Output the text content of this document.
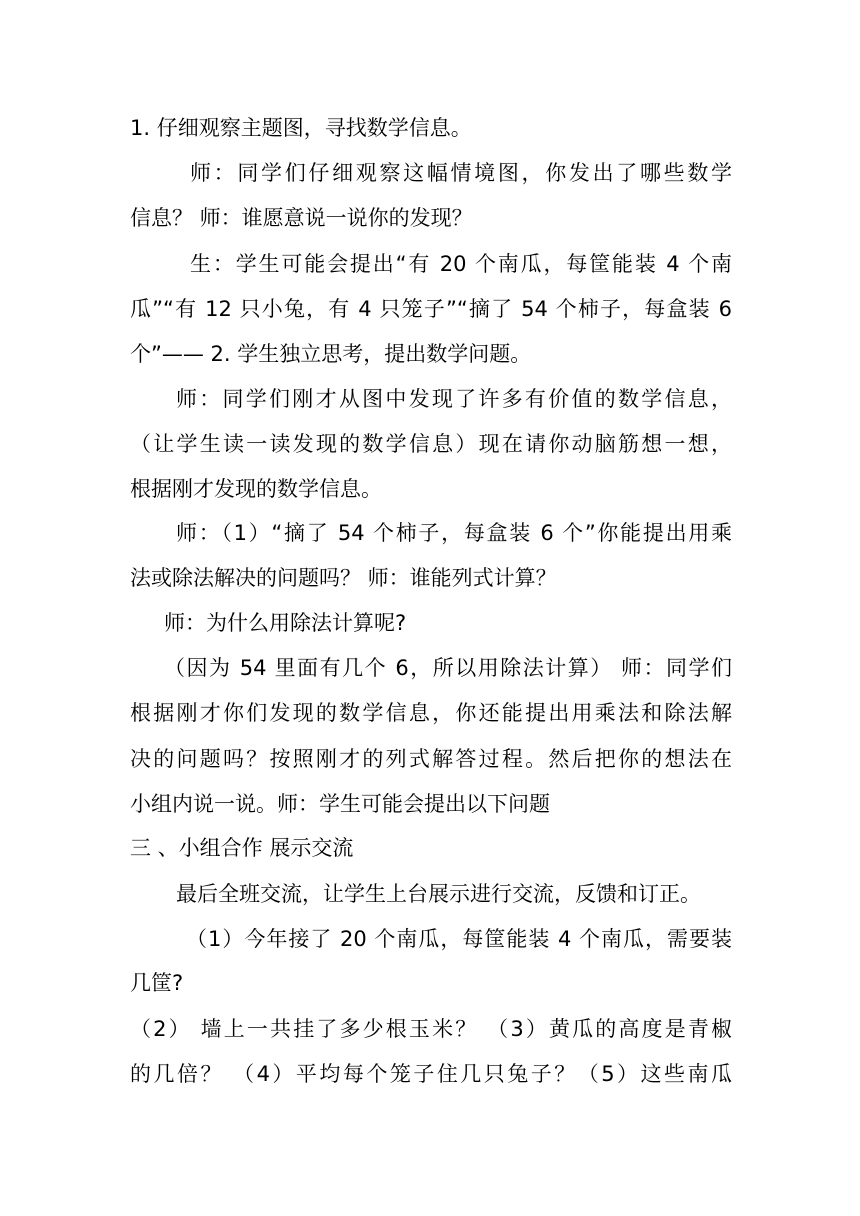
1. 仔细观察主题图，寻找数学信息。
师：同学们仔细观察这幅情境图，你发出了哪些数学
信息？ 师：谁愿意说一说你的发现？
生：学生可能会提出“有 20 个南瓜，每筐能装 4 个南
瓜”“有 12 只小兔，有 4 只笼子”“摘了 54 个柿子，每盒装 6
个”—— 2. 学生独立思考，提出数学问题。
师：同学们刚才从图中发现了许多有价值的数学信息，
（让学生读一读发现的数学信息）现在请你动脑筋想一想，
根据刚才发现的数学信息。
师：（1）“摘了 54 个柿子，每盒装 6 个”你能提出用乘
法或除法解决的问题吗？ 师：谁能列式计算？
师：为什么用除法计算呢?
（因为 54 里面有几个 6，所以用除法计算） 师：同学们
根据刚才你们发现的数学信息，你还能提出用乘法和除法解
决的问题吗？按照刚才的列式解答过程。然后把你的想法在
小组内说一说。师：学生可能会提出以下问题
三 、小组合作 展示交流
最后全班交流，让学生上台展示进行交流，反馈和订正。
（1）今年接了 20 个南瓜，每筐能装 4 个南瓜，需要装
几筐?
（2） 墙上一共挂了多少根玉米？ （3）黄瓜的高度是青椒
的几倍？ （4）平均每个笼子住几只兔子？（5）这些南瓜
